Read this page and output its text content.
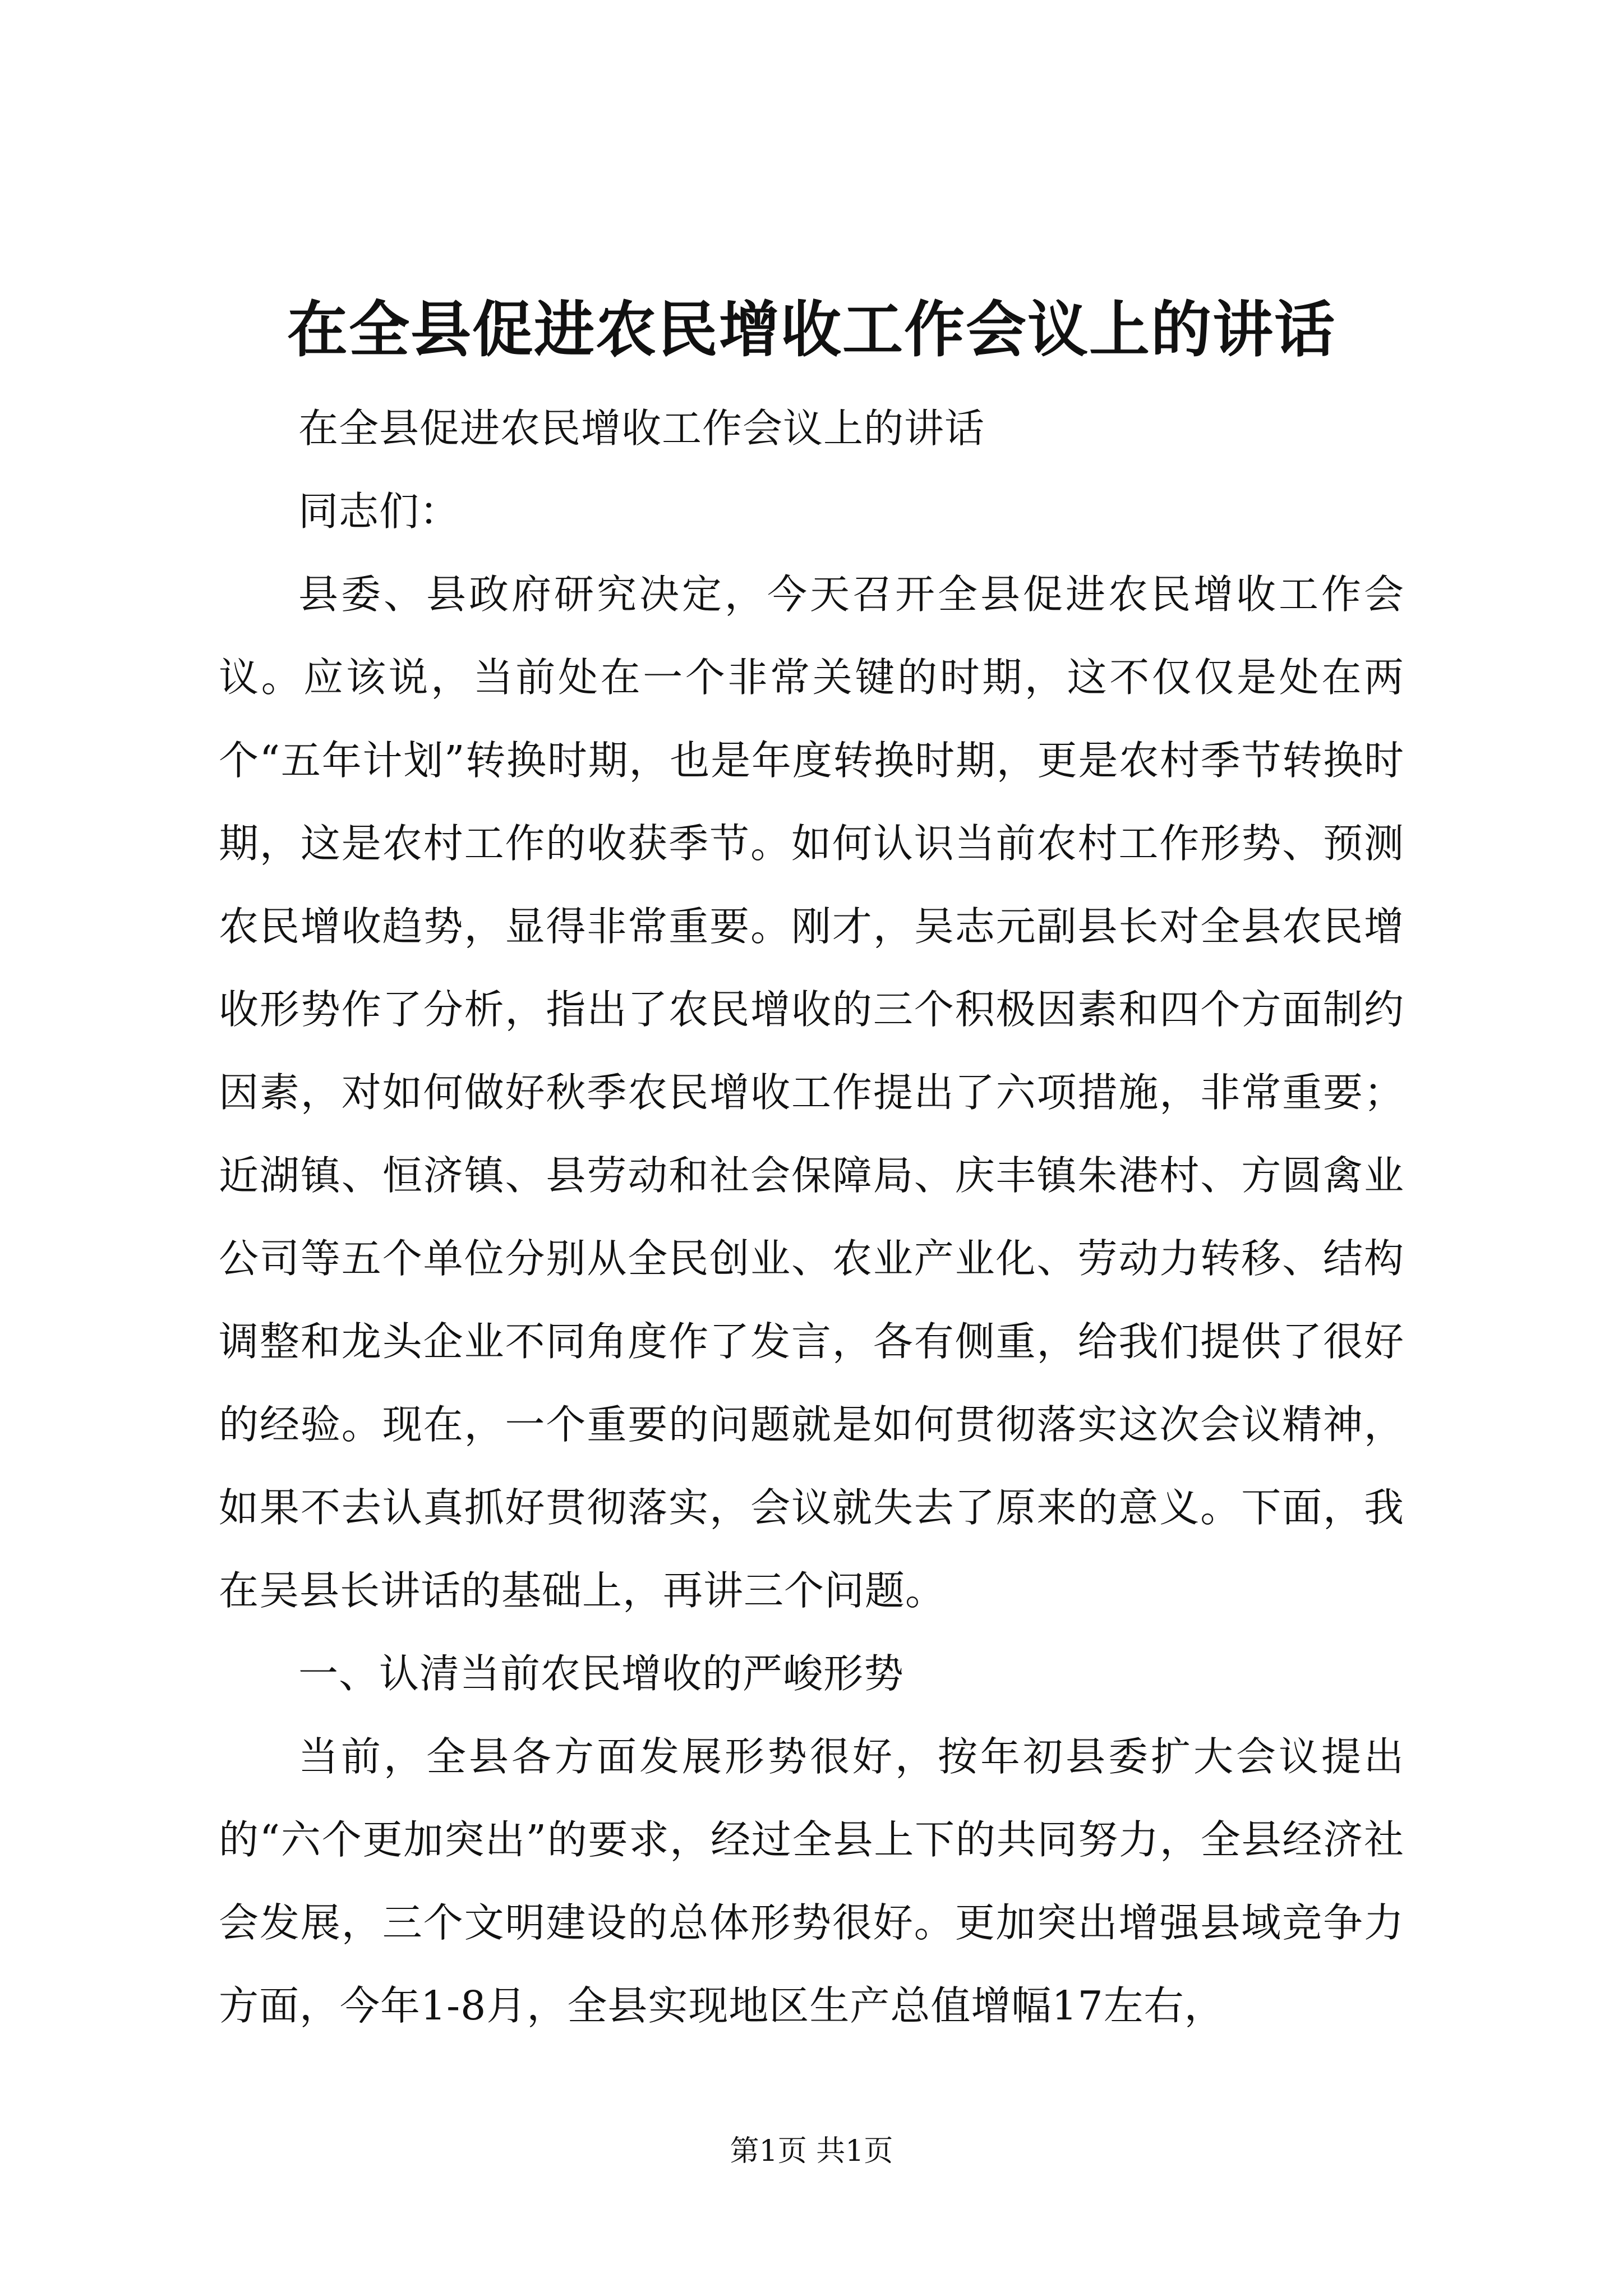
在全县促进农民增收工作会议上的讲话

在全县促进农民增收工作会议上的讲话

同志们：

县委、县政府研究决定，今天召开全县促进农民增收工作会议。应该说，当前处在一个非常关键的时期，这不仅仅是处在两个“五年计划”转换时期，也是年度转换时期，更是农村季节转换时期，这是农村工作的收获季节。如何认识当前农村工作形势、预测农民增收趋势，显得非常重要。刚才，吴志元副县长对全县农民增收形势作了分析，指出了农民增收的三个积极因素和四个方面制约因素，对如何做好秋季农民增收工作提出了六项措施，非常重要；近湖镇、恒济镇、县劳动和社会保障局、庆丰镇朱港村、方圆禽业公司等五个单位分别从全民创业、农业产业化、劳动力转移、结构调整和龙头企业不同角度作了发言，各有侧重，给我们提供了很好的经验。现在，一个重要的问题就是如何贯彻落实这次会议精神，如果不去认真抓好贯彻落实，会议就失去了原来的意义。下面，我在吴县长讲话的基础上，再讲三个问题。

一、认清当前农民增收的严峻形势

当前，全县各方面发展形势很好，按年初县委扩大会议提出的“六个更加突出”的要求，经过全县上下的共同努力，全县经济社会发展，三个文明建设的总体形势很好。更加突出增强县域竞争力方面，今年1-8月，全县实现地区生产总值增幅17左右，

第1页 共1页
